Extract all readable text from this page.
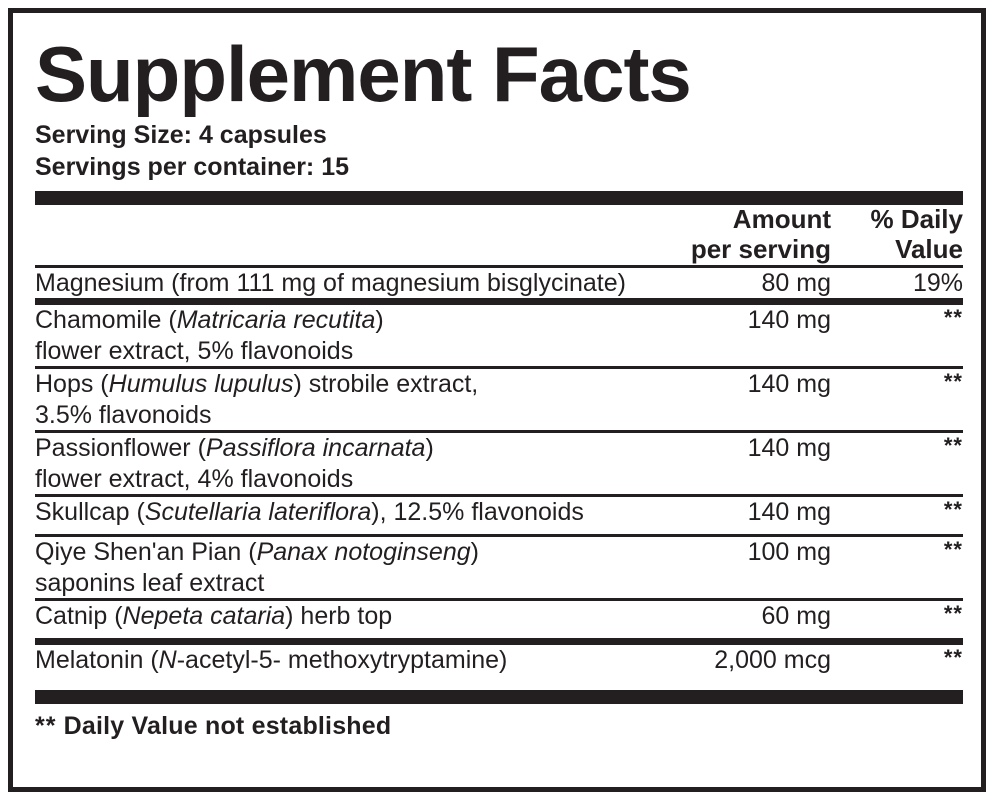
Supplement Facts
Serving Size: 4 capsules
Servings per container: 15

Amount
per serving

% Daily
Value

Magnesium (from 111 mg of magnesium bisglycinate)	80 mg	19%

Chamomile (Matricaria recutita)
flower extract, 5% flavonoids	140 mg	**

Hops (Humulus lupulus) strobile extract,
3.5% flavonoids	140 mg	**

Passionflower (Passiflora incarnata)
flower extract, 4% flavonoids	140 mg	**

Skullcap (Scutellaria lateriflora), 12.5% flavonoids	140 mg	**

Qiye Shen'an Pian (Panax notoginseng)
saponins leaf extract	100 mg	**

Catnip (Nepeta cataria) herb top	60 mg	**

Melatonin (N-acetyl-5- methoxytryptamine)	2,000 mcg	**
** Daily Value not established
